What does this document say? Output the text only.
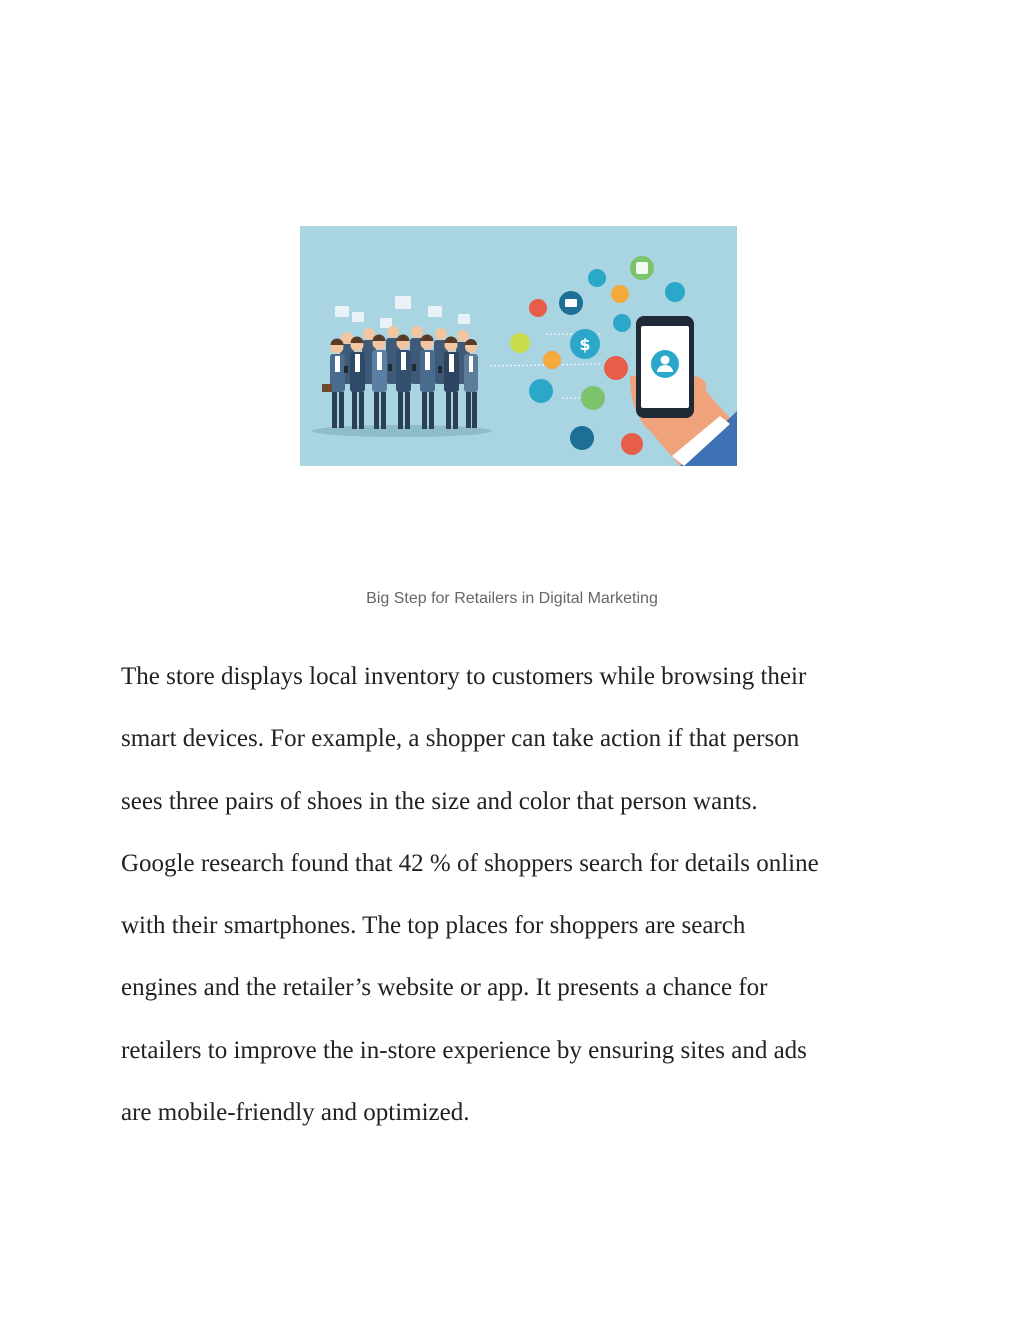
$
Big Step for Retailers in Digital Marketing
The store displays local inventory to customers while browsing their
smart devices. For example, a shopper can take action if that person
sees three pairs of shoes in the size and color that person wants.
Google research found that 42 % of shoppers search for details online
with their smartphones. The top places for shoppers are search
engines and the retailer’s website or app. It presents a chance for
retailers to improve the in-store experience by ensuring sites and ads
are mobile-friendly and optimized.
